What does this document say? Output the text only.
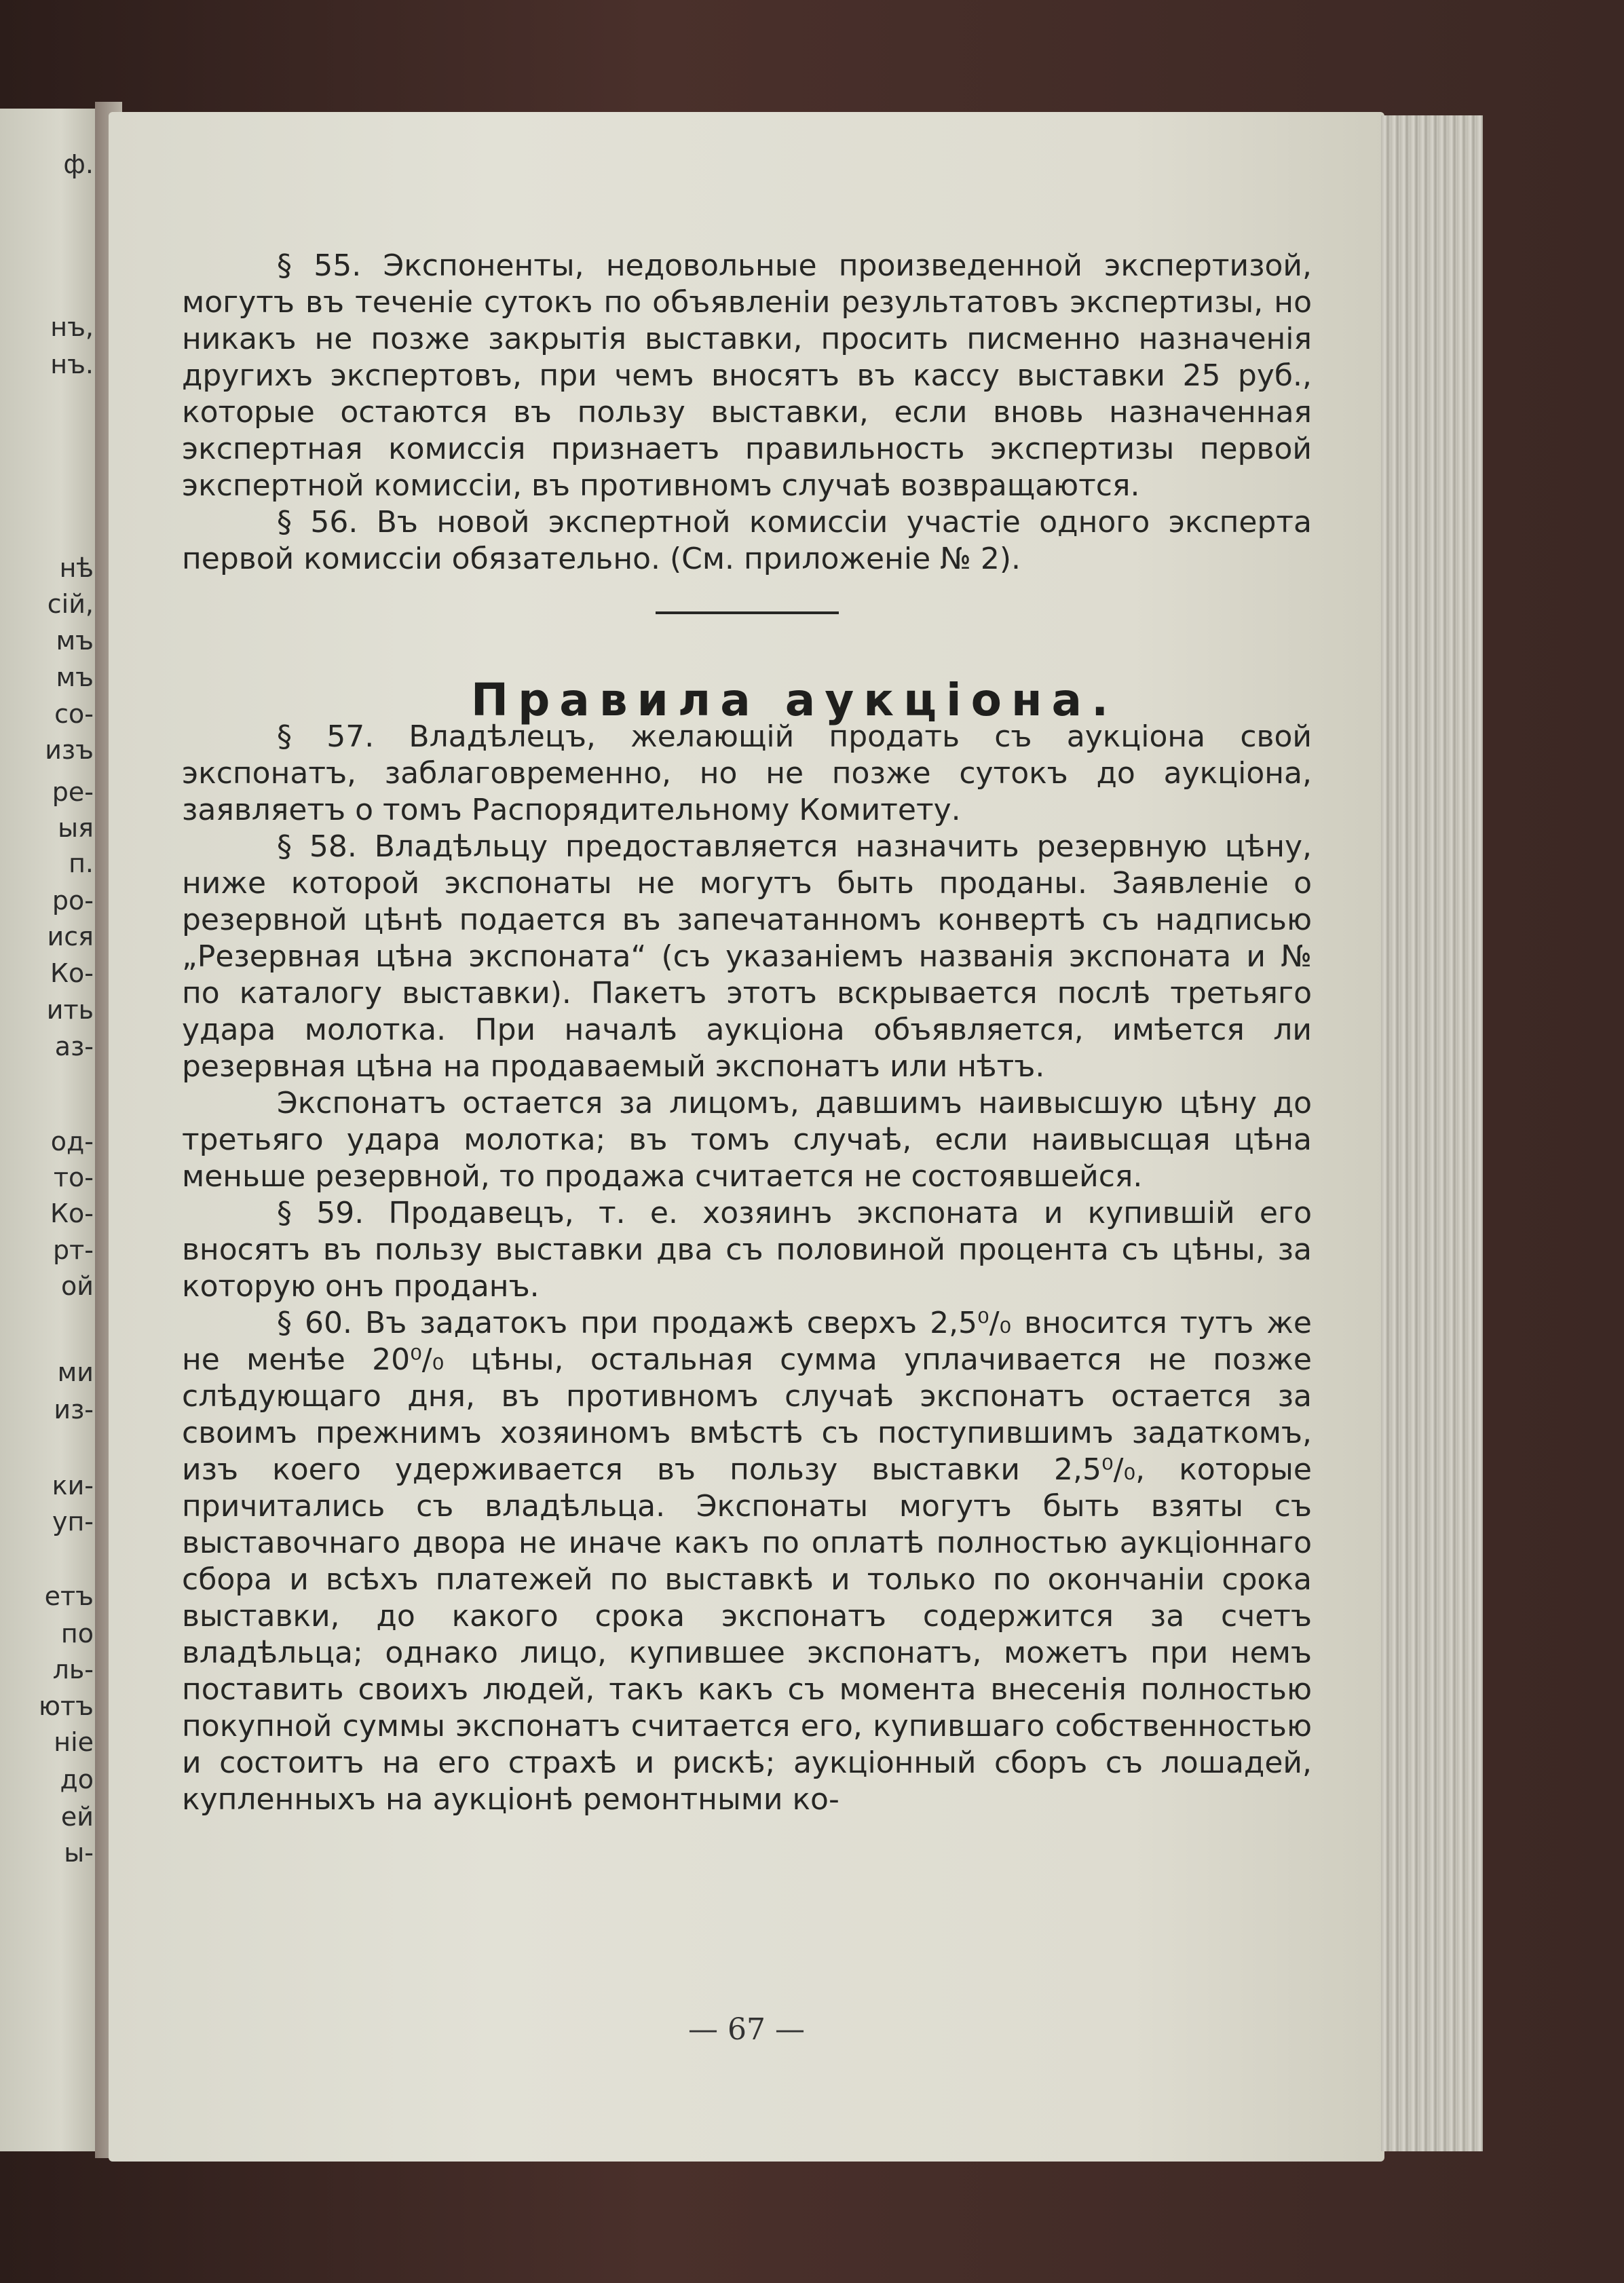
ф.
нъ,
нъ.
нѣ
сій,
мъ
мъ
со-
изъ
ре-
ыя
п.
ро-
ися
Ко-
ить
аз-
од-
то-
Ко-
рт-
ой
ми
из-
ки-
уп-
етъ
по
ль-
ютъ
ніе
до
ей
ы-

§ 55. Экспоненты, недовольные произведенной экспертизой, могутъ въ теченіе сутокъ по объявленіи результатовъ экспертизы, но никакъ не позже закрытія выставки, просить писменно назначенія другихъ экспертовъ, при чемъ вносятъ въ кассу выставки 25 руб., которые остаются въ пользу выставки, если вновь назначенная экспертная комиссія признаетъ правильность экспертизы первой экспертной комиссіи, въ противномъ случаѣ возвращаются.

§ 56. Въ новой экспертной комиссіи участіе одного эксперта первой комиссіи обязательно. (См. приложеніе № 2).

Правила аукціона.

§ 57. Владѣлецъ, желающій продать съ аукціона свой экспонатъ, заблаговременно, но не позже сутокъ до аукціона, заявляетъ о томъ Распорядительному Комитету.

§ 58. Владѣльцу предоставляется назначить резервную цѣну, ниже которой экспонаты не могутъ быть проданы. Заявленіе о резервной цѣнѣ подается въ запечатанномъ конвертѣ съ надписью „Резервная цѣна экспоната“ (съ указаніемъ названія экспоната и № по каталогу выставки). Пакетъ этотъ вскрывается послѣ третьяго удара молотка. При началѣ аукціона объявляется, имѣется ли резервная цѣна на продаваемый экспонатъ или нѣтъ.

Экспонатъ остается за лицомъ, давшимъ наивысшую цѣну до третьяго удара молотка; въ томъ случаѣ, если наивысщая цѣна меньше резервной, то продажа считается не состоявшейся.

§ 59. Продавецъ, т. е. хозяинъ экспоната и купившій его вносятъ въ пользу выставки два съ половиной процента съ цѣны, за которую онъ проданъ.

§ 60. Въ задатокъ при продажѣ сверхъ 2,5⁰/₀ вносится тутъ же не менѣе 20⁰/₀ цѣны, остальная сумма уплачивается не позже слѣдующаго дня, въ противномъ случаѣ экспонатъ остается за своимъ прежнимъ хозяиномъ вмѣстѣ съ поступившимъ задаткомъ, изъ коего удерживается въ пользу выставки 2,5⁰/₀, которые причитались съ владѣльца. Экспонаты могутъ быть взяты съ выставочнаго двора не иначе какъ по оплатѣ полностью аукціоннаго сбора и всѣхъ платежей по выставкѣ и только по окончаніи срока выставки, до какого срока экспонатъ содержится за счетъ владѣльца; однако лицо, купившее экспонатъ, можетъ при немъ поставить своихъ людей, такъ какъ съ момента внесенія полностью покупной суммы экспонатъ считается его, купившаго собственностью и состоитъ на его страхѣ и рискѣ; аукціонный сборъ съ лошадей, купленныхъ на аукціонѣ ремонтными ко-

— 67 —
